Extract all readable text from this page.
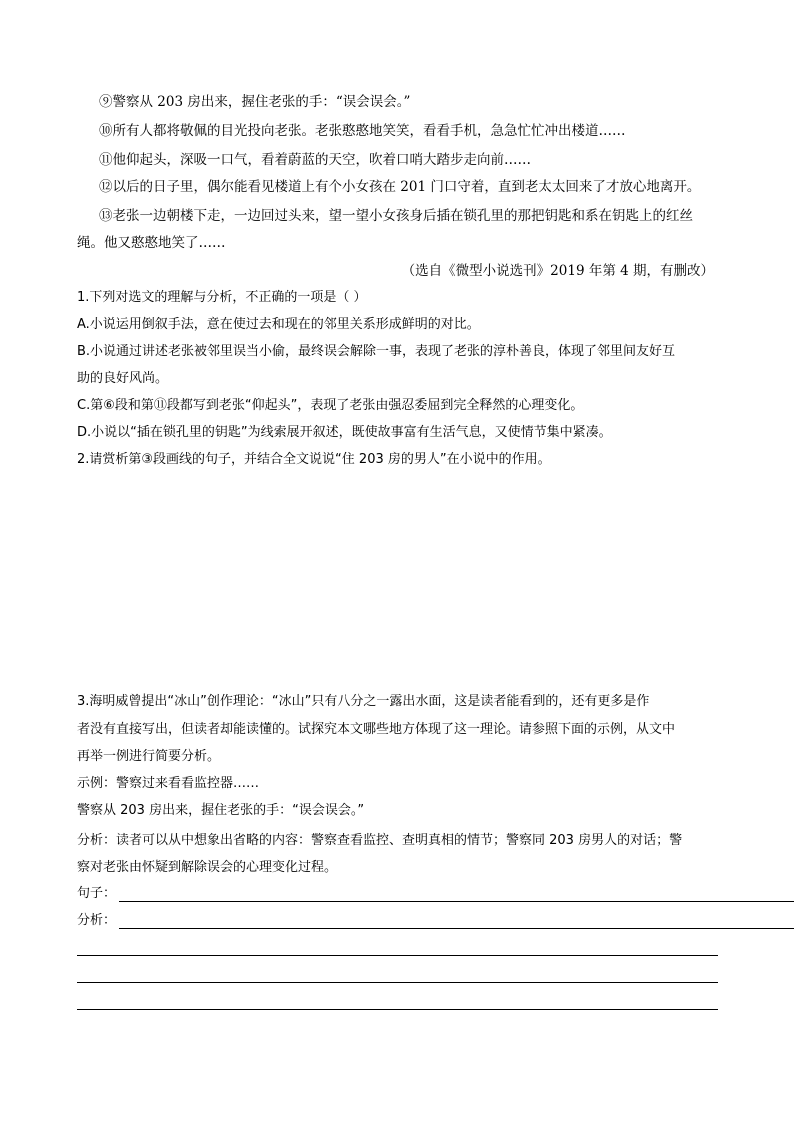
⑨警察从 203 房出来，握住老张的手：“误会误会。”
⑩所有人都将敬佩的目光投向老张。老张憨憨地笑笑，看看手机，急急忙忙冲出楼道……
⑪他仰起头，深吸一口气，看着蔚蓝的天空，吹着口哨大踏步走向前……
⑫以后的日子里，偶尔能看见楼道上有个小女孩在 201 门口守着，直到老太太回来了才放心地离开。
⑬老张一边朝楼下走，一边回过头来，望一望小女孩身后插在锁孔里的那把钥匙和系在钥匙上的红丝
绳。他又憨憨地笑了……
（选自《微型小说选刊》2019 年第 4 期，有删改）
1.下列对选文的理解与分析，不正确的一项是（ ）
A.小说运用倒叙手法，意在使过去和现在的邻里关系形成鲜明的对比。
B.小说通过讲述老张被邻里误当小偷，最终误会解除一事，表现了老张的淳朴善良，体现了邻里间友好互
助的良好风尚。
C.第⑥段和第⑪段都写到老张“仰起头”，表现了老张由强忍委屈到完全释然的心理变化。
D.小说以“插在锁孔里的钥匙”为线索展开叙述，既使故事富有生活气息，又使情节集中紧凑。
2.请赏析第③段画线的句子，并结合全文说说“住 203 房的男人”在小说中的作用。
3.海明威曾提出“冰山”创作理论：“冰山”只有八分之一露出水面，这是读者能看到的，还有更多是作
者没有直接写出，但读者却能读懂的。试探究本文哪些地方体现了这一理论。请参照下面的示例，从文中
再举一例进行简要分析。
示例：警察过来看看监控器……
警察从 203 房出来，握住老张的手：“误会误会。”
分析：读者可以从中想象出省略的内容：警察查看监控、查明真相的情节；警察同 203 房男人的对话；警
察对老张由怀疑到解除误会的心理变化过程。
句子：
分析：
